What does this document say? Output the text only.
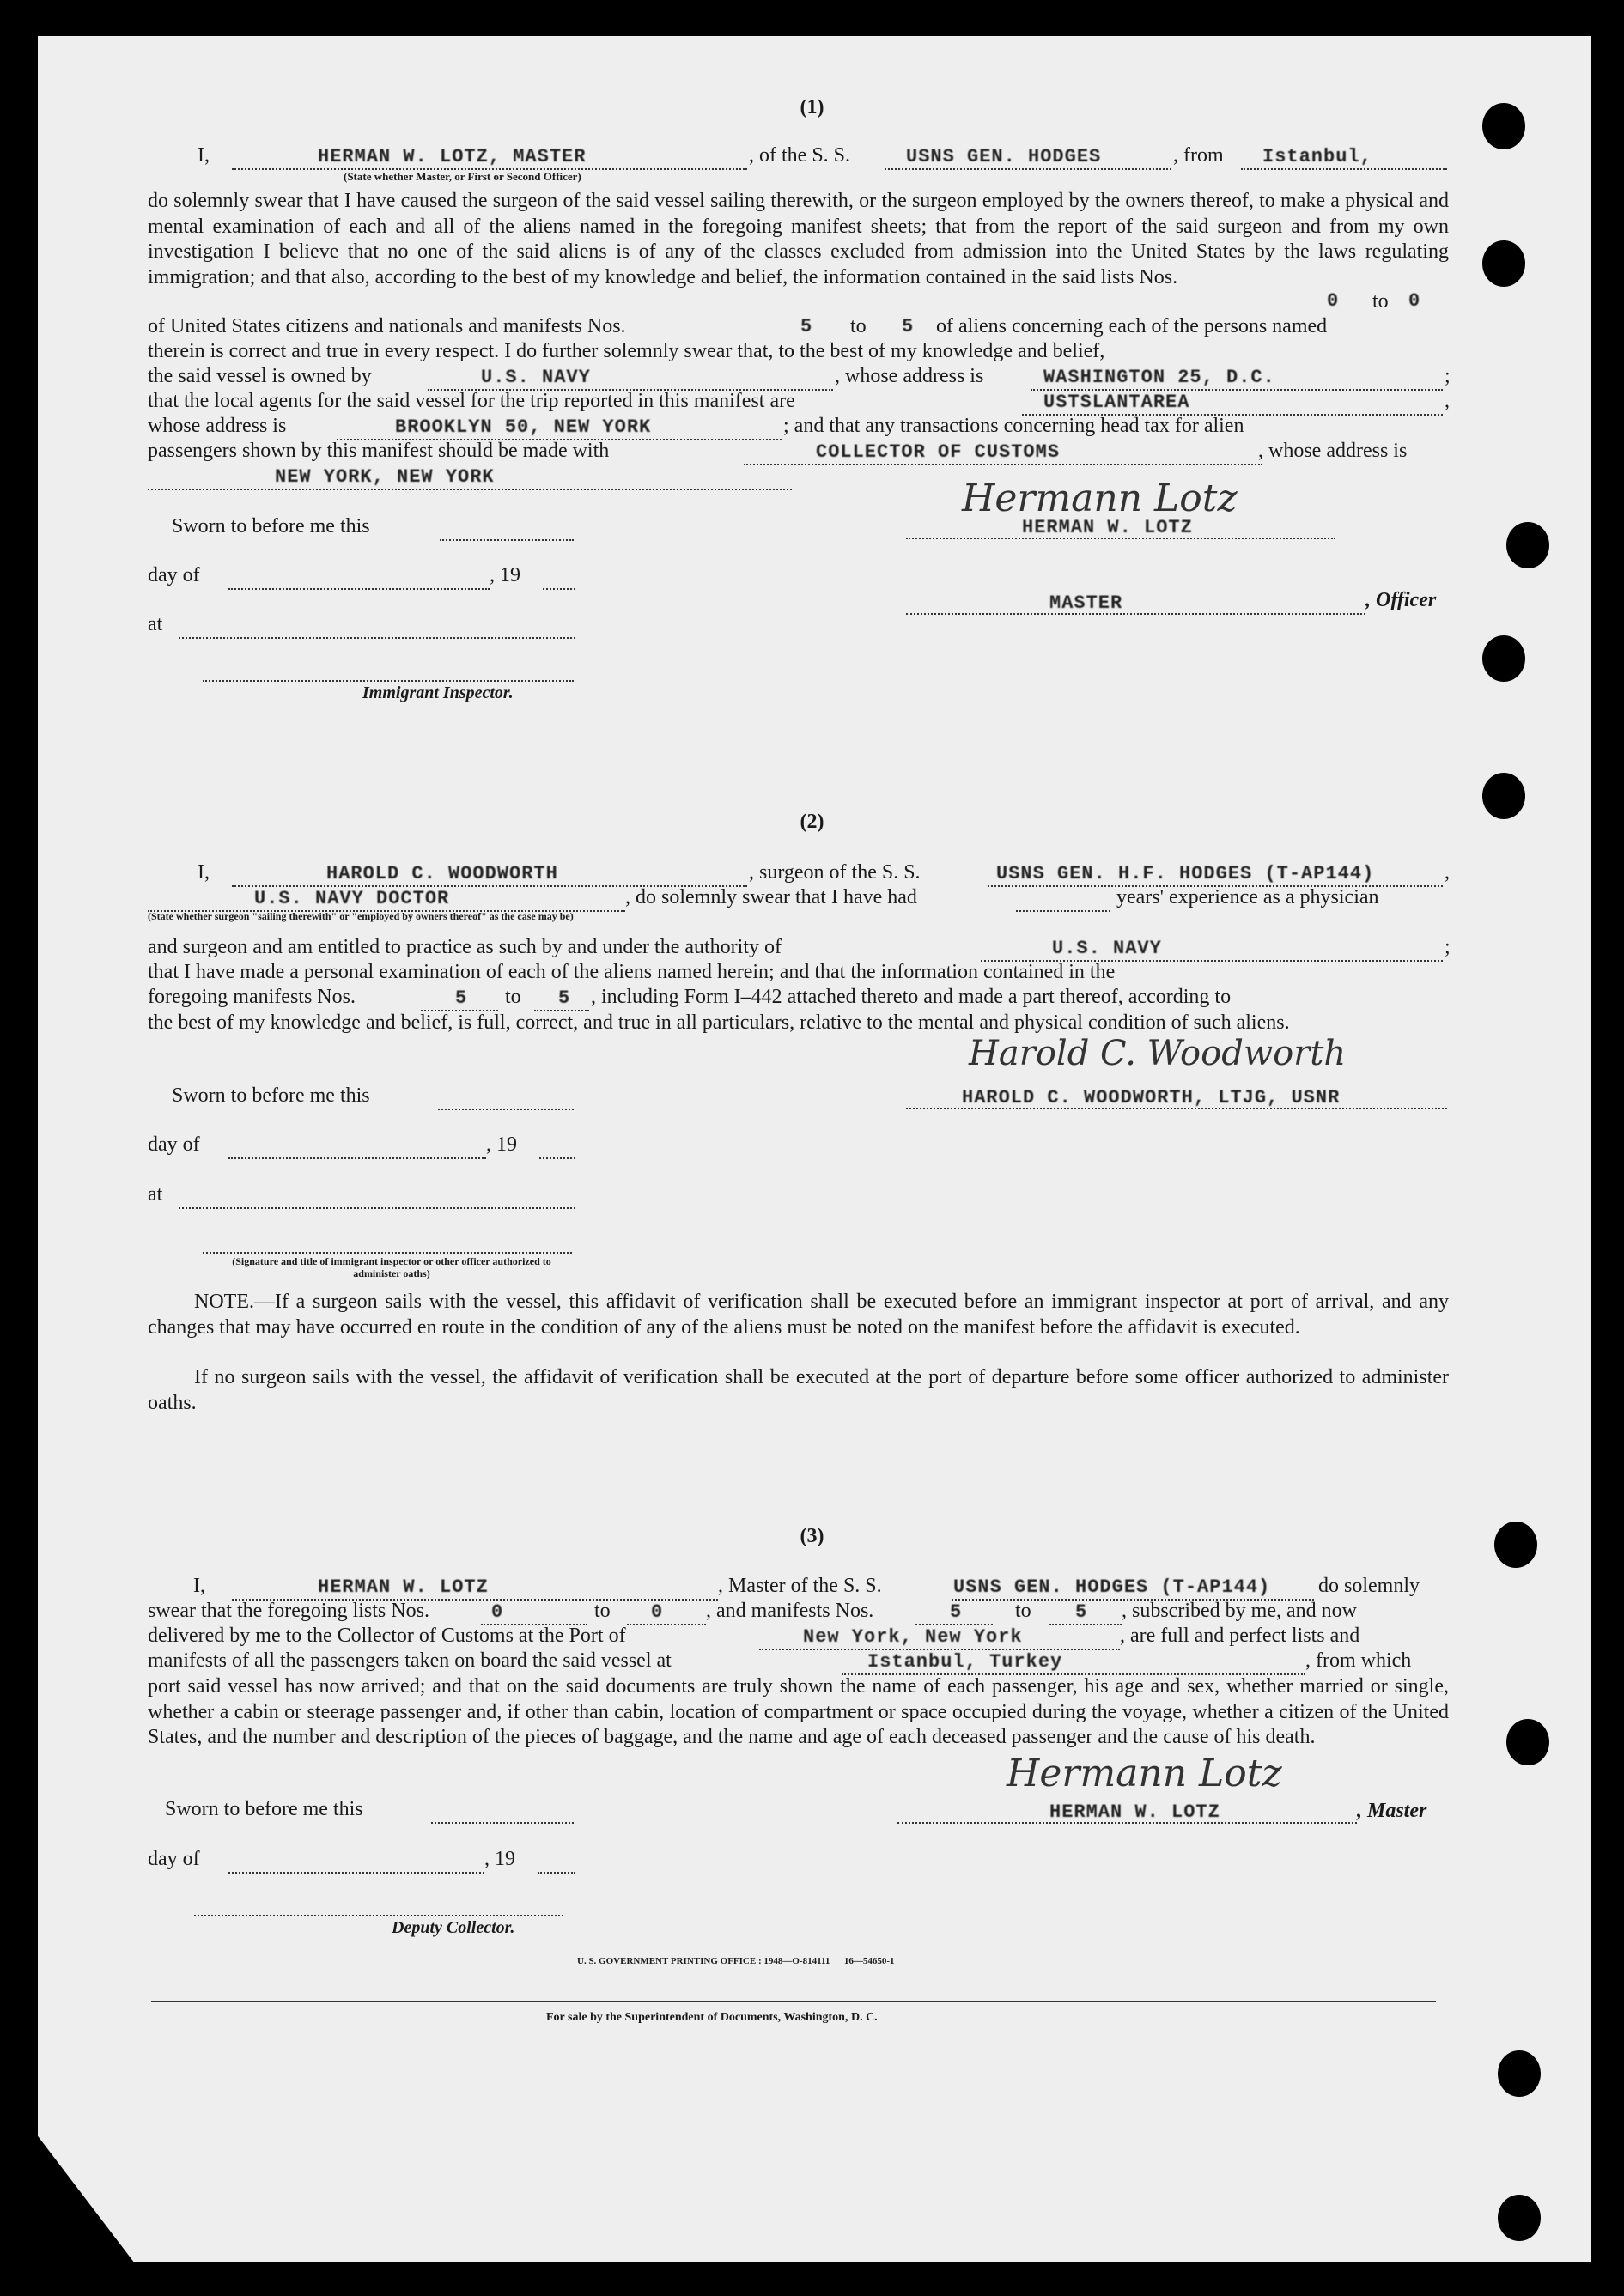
(1)
I,	HERMAN W. LOTZ, MASTER	, of the S. S.	USNS GEN. HODGES	, from Istanbul,
(State whether Master, or First or Second Officer)
do solemnly swear that I have caused the surgeon of the said vessel sailing therewith, or the surgeon employed by the owners thereof, to make a physical and mental examination of each and all of the aliens named in the foregoing manifest sheets; that from the report of the said surgeon and from my own investigation I believe that no one of the said aliens is of any of the classes excluded from admission into the United States by the laws regulating immigration; and that also, according to the best of my knowledge and belief, the information contained in the said lists Nos.
0 to 0
of United States citizens and nationals and manifests Nos.	5 to 5 of aliens concerning each of the persons named
therein is correct and true in every respect. I do further solemnly swear that, to the best of my knowledge and belief,
the said vessel is owned by	U.S. NAVY	, whose address is	WASHINGTON 25, D.C.	;
that the local agents for the said vessel for the trip reported in this manifest are	USTSLANTAREA	,
whose address is	BROOKLYN 50, NEW YORK	; and that any transactions concerning head tax for alien
passengers shown by this manifest should be made with	COLLECTOR OF CUSTOMS	, whose address is
NEW YORK, NEW YORK
Sworn to before me this
day of	, 19
at
Immigrant Inspector.
Hermann Lotz
HERMAN W. LOTZ
MASTER	, Officer
(2)
I,	HAROLD C. WOODWORTH	, surgeon of the S. S.	USNS GEN. H.F. HODGES (T-AP144)	,
U.S. NAVY DOCTOR	, do solemnly swear that I have had	years' experience as a physician
(State whether surgeon "sailing therewith" or "employed by owners thereof" as the case may be)
and surgeon and am entitled to practice as such by and under the authority of	U.S. NAVY	;
that I have made a personal examination of each of the aliens named herein; and that the information contained in the
foregoing manifests Nos.	5 to 5 , including Form I–442 attached thereto and made a part thereof, according to
the best of my knowledge and belief, is full, correct, and true in all particulars, relative to the mental and physical condition of such aliens.
Sworn to before me this
day of	, 19
at
(Signature and title of immigrant inspector or other officer authorized to administer oaths)
Harold C. Woodworth
HAROLD C. WOODWORTH, LTJG, USNR
NOTE.—If a surgeon sails with the vessel, this affidavit of verification shall be executed before an immigrant inspector at port of arrival, and any changes that may have occurred en route in the condition of any of the aliens must be noted on the manifest before the affidavit is executed.
If no surgeon sails with the vessel, the affidavit of verification shall be executed at the port of departure before some officer authorized to administer oaths.
(3)
I,	HERMAN W. LOTZ	, Master of the S. S.	USNS GEN. HODGES (T-AP144) do solemnly
swear that the foregoing lists Nos.	0	to 0 , and manifests Nos.	5	to 5 , subscribed by me, and now
delivered by me to the Collector of Customs at the Port of	New York, New York	, are full and perfect lists and
manifests of all the passengers taken on board the said vessel at	Istanbul, Turkey	, from which
port said vessel has now arrived; and that on the said documents are truly shown the name of each passenger, his age and sex, whether married or single, whether a cabin or steerage passenger and, if other than cabin, location of compartment or space occupied during the voyage, whether a citizen of the United States, and the number and description of the pieces of baggage, and the name and age of each deceased passenger and the cause of his death.
Sworn to before me this
day of	, 19
Deputy Collector.
Hermann Lotz
HERMAN W. LOTZ	, Master
U. S. GOVERNMENT PRINTING OFFICE : 1948—O-814111      16—54650-1
For sale by the Superintendent of Documents, Washington, D. C.
